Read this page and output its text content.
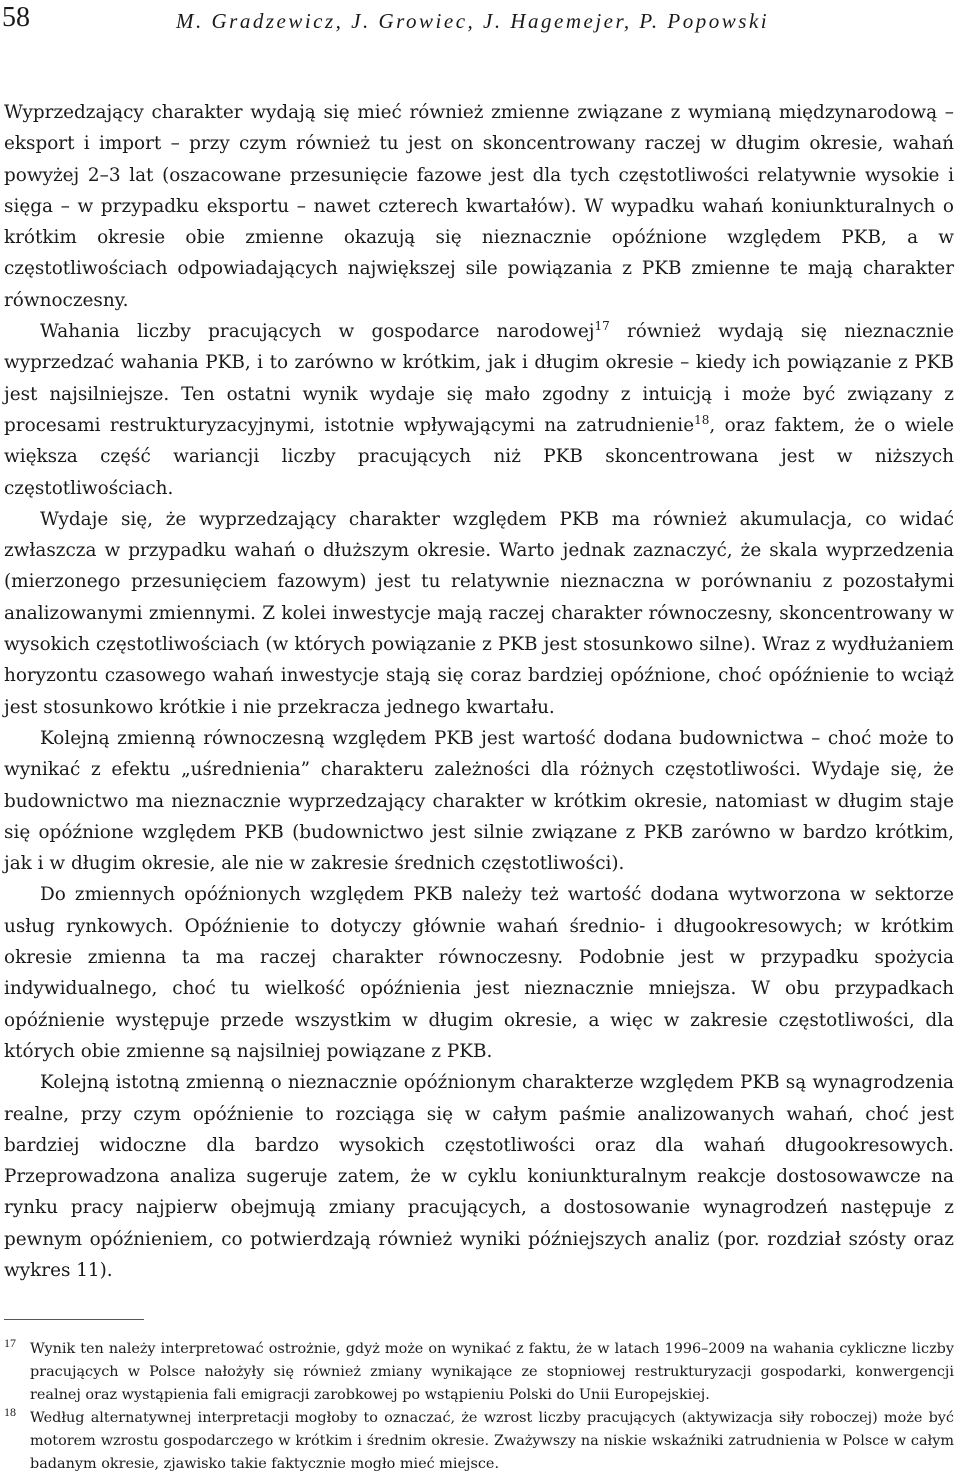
58	M. Gradzewicz, J. Growiec, J. Hagemejer, P. Popowski

Wyprzedzający charakter wydają się mieć również zmienne związane z wymianą międzynarodową – eksport i import – przy czym również tu jest on skoncentrowany raczej w długim okresie, wahań powyżej 2–3 lat (oszacowane przesunięcie fazowe jest dla tych częstotliwości relatywnie wysokie i sięga – w przypadku eksportu – nawet czterech kwartałów). W wypadku wahań koniunkturalnych o krótkim okresie obie zmienne okazują się nieznacznie opóźnione względem PKB, a w częstotliwościach odpowiadających największej sile powiązania z PKB zmienne te mają charakter równoczesny.

Wahania liczby pracujących w gospodarce narodowej$^{17}$ również wydają się nieznacznie wyprzedzać wahania PKB, i to zarówno w krótkim, jak i długim okresie – kiedy ich powiązanie z PKB jest najsilniejsze. Ten ostatni wynik wydaje się mało zgodny z intuicją i może być związany z procesami restrukturyzacyjnymi, istotnie wpływającymi na zatrudnienie$^{18}$, oraz faktem, że o wiele większa część wariancji liczby pracujących niż PKB skoncentrowana jest w niższych częstotliwościach.

Wydaje się, że wyprzedzający charakter względem PKB ma również akumulacja, co widać zwłaszcza w przypadku wahań o dłuższym okresie. Warto jednak zaznaczyć, że skala wyprzedzenia (mierzonego przesunięciem fazowym) jest tu relatywnie nieznaczna w porównaniu z pozostałymi analizowanymi zmiennymi. Z kolei inwestycje mają raczej charakter równoczesny, skoncentrowany w wysokich częstotliwościach (w których powiązanie z PKB jest stosunkowo silne). Wraz z wydłużaniem horyzontu czasowego wahań inwestycje stają się coraz bardziej opóźnione, choć opóźnienie to wciąż jest stosunkowo krótkie i nie przekracza jednego kwartału.

Kolejną zmienną równoczesną względem PKB jest wartość dodana budownictwa – choć może to wynikać z efektu „uśrednienia” charakteru zależności dla różnych częstotliwości. Wydaje się, że budownictwo ma nieznacznie wyprzedzający charakter w krótkim okresie, natomiast w długim staje się opóźnione względem PKB (budownictwo jest silnie związane z PKB zarówno w bardzo krótkim, jak i w długim okresie, ale nie w zakresie średnich częstotliwości).

Do zmiennych opóźnionych względem PKB należy też wartość dodana wytworzona w sektorze usług rynkowych. Opóźnienie to dotyczy głównie wahań średnio- i długookresowych; w krótkim okresie zmienna ta ma raczej charakter równoczesny. Podobnie jest w przypadku spożycia indywidualnego, choć tu wielkość opóźnienia jest nieznacznie mniejsza. W obu przypadkach opóźnienie występuje przede wszystkim w długim okresie, a więc w zakresie częstotliwości, dla których obie zmienne są najsilniej powiązane z PKB.

Kolejną istotną zmienną o nieznacznie opóźnionym charakterze względem PKB są wynagrodzenia realne, przy czym opóźnienie to rozciąga się w całym paśmie analizowanych wahań, choć jest bardziej widoczne dla bardzo wysokich częstotliwości oraz dla wahań długookresowych. Przeprowadzona analiza sugeruje zatem, że w cyklu koniunkturalnym reakcje dostosowawcze na rynku pracy najpierw obejmują zmiany pracujących, a dostosowanie wynagrodzeń następuje z pewnym opóźnieniem, co potwierdzają również wyniki późniejszych analiz (por. rozdział szósty oraz wykres 11).

17 Wynik ten należy interpretować ostrożnie, gdyż może on wynikać z faktu, że w latach 1996–2009 na wahania cykliczne liczby pracujących w Polsce nałożyły się również zmiany wynikające ze stopniowej restrukturyzacji gospodarki, konwergencji realnej oraz wystąpienia fali emigracji zarobkowej po wstąpieniu Polski do Unii Europejskiej.

18 Według alternatywnej interpretacji mogłoby to oznaczać, że wzrost liczby pracujących (aktywizacja siły roboczej) może być motorem wzrostu gospodarczego w krótkim i średnim okresie. Zważywszy na niskie wskaźniki zatrudnienia w Polsce w całym badanym okresie, zjawisko takie faktycznie mogło mieć miejsce.
